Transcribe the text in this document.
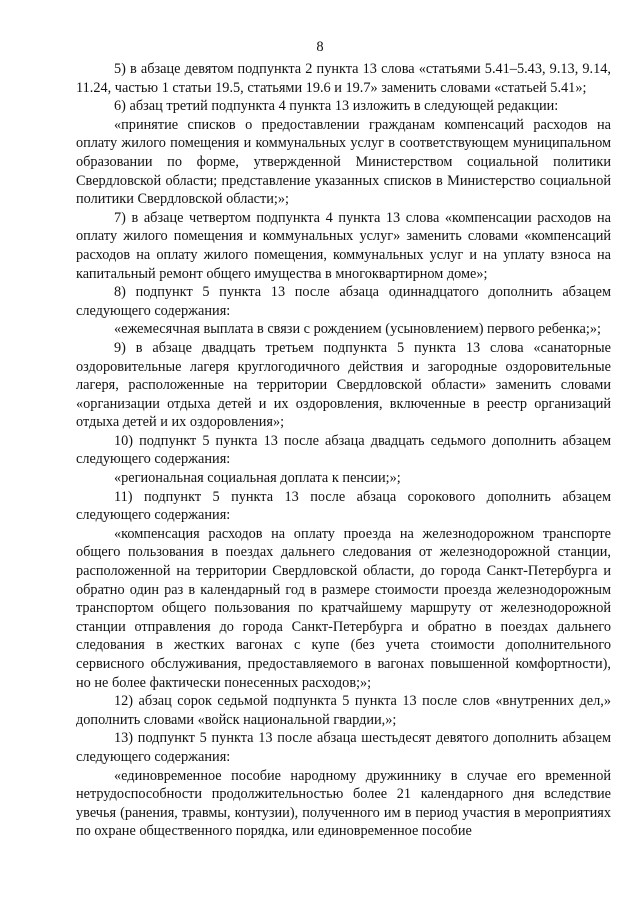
8

5) в абзаце девятом подпункта 2 пункта 13 слова «статьями 5.41–5.43, 9.13, 9.14, 11.24, частью 1 статьи 19.5, статьями 19.6 и 19.7» заменить словами «статьей 5.41»;

6) абзац третий подпункта 4 пункта 13 изложить в следующей редакции:

«принятие списков о предоставлении гражданам компенсаций расходов на оплату жилого помещения и коммунальных услуг в соответствующем муниципальном образовании по форме, утвержденной Министерством социальной политики Свердловской области; представление указанных списков в Министерство социальной политики Свердловской области;»;

7) в абзаце четвертом подпункта 4 пункта 13 слова «компенсации расходов на оплату жилого помещения и коммунальных услуг» заменить словами «компенсаций расходов на оплату жилого помещения, коммунальных услуг и на уплату взноса на капитальный ремонт общего имущества в многоквартирном доме»;

8) подпункт 5 пункта 13 после абзаца одиннадцатого дополнить абзацем следующего содержания:

«ежемесячная выплата в связи с рождением (усыновлением) первого ребенка;»;

9) в абзаце двадцать третьем подпункта 5 пункта 13 слова «санаторные оздоровительные лагеря круглогодичного действия и загородные оздоровительные лагеря, расположенные на территории Свердловской области» заменить словами «организации отдыха детей и их оздоровления, включенные в реестр организаций отдыха детей и их оздоровления»;

10) подпункт 5 пункта 13 после абзаца двадцать седьмого дополнить абзацем следующего содержания:

«региональная социальная доплата к пенсии;»;

11) подпункт 5 пункта 13 после абзаца сорокового дополнить абзацем следующего содержания:

«компенсация расходов на оплату проезда на железнодорожном транспорте общего пользования в поездах дальнего следования от железнодорожной станции, расположенной на территории Свердловской области, до города Санкт-Петербурга и обратно один раз в календарный год в размере стоимости проезда железнодорожным транспортом общего пользования по кратчайшему маршруту от железнодорожной станции отправления до города Санкт-Петербурга и обратно в поездах дальнего следования в жестких вагонах с купе (без учета стоимости дополнительного сервисного обслуживания, предоставляемого в вагонах повышенной комфортности), но не более фактически понесенных расходов;»;

12) абзац сорок седьмой подпункта 5 пункта 13 после слов «внутренних дел,» дополнить словами «войск национальной гвардии,»;

13) подпункт 5 пункта 13 после абзаца шестьдесят девятого дополнить абзацем следующего содержания:

«единовременное пособие народному дружиннику в случае его временной нетрудоспособности продолжительностью более 21 календарного дня вследствие увечья (ранения, травмы, контузии), полученного им в период участия в мероприятиях по охране общественного порядка, или единовременное пособие
